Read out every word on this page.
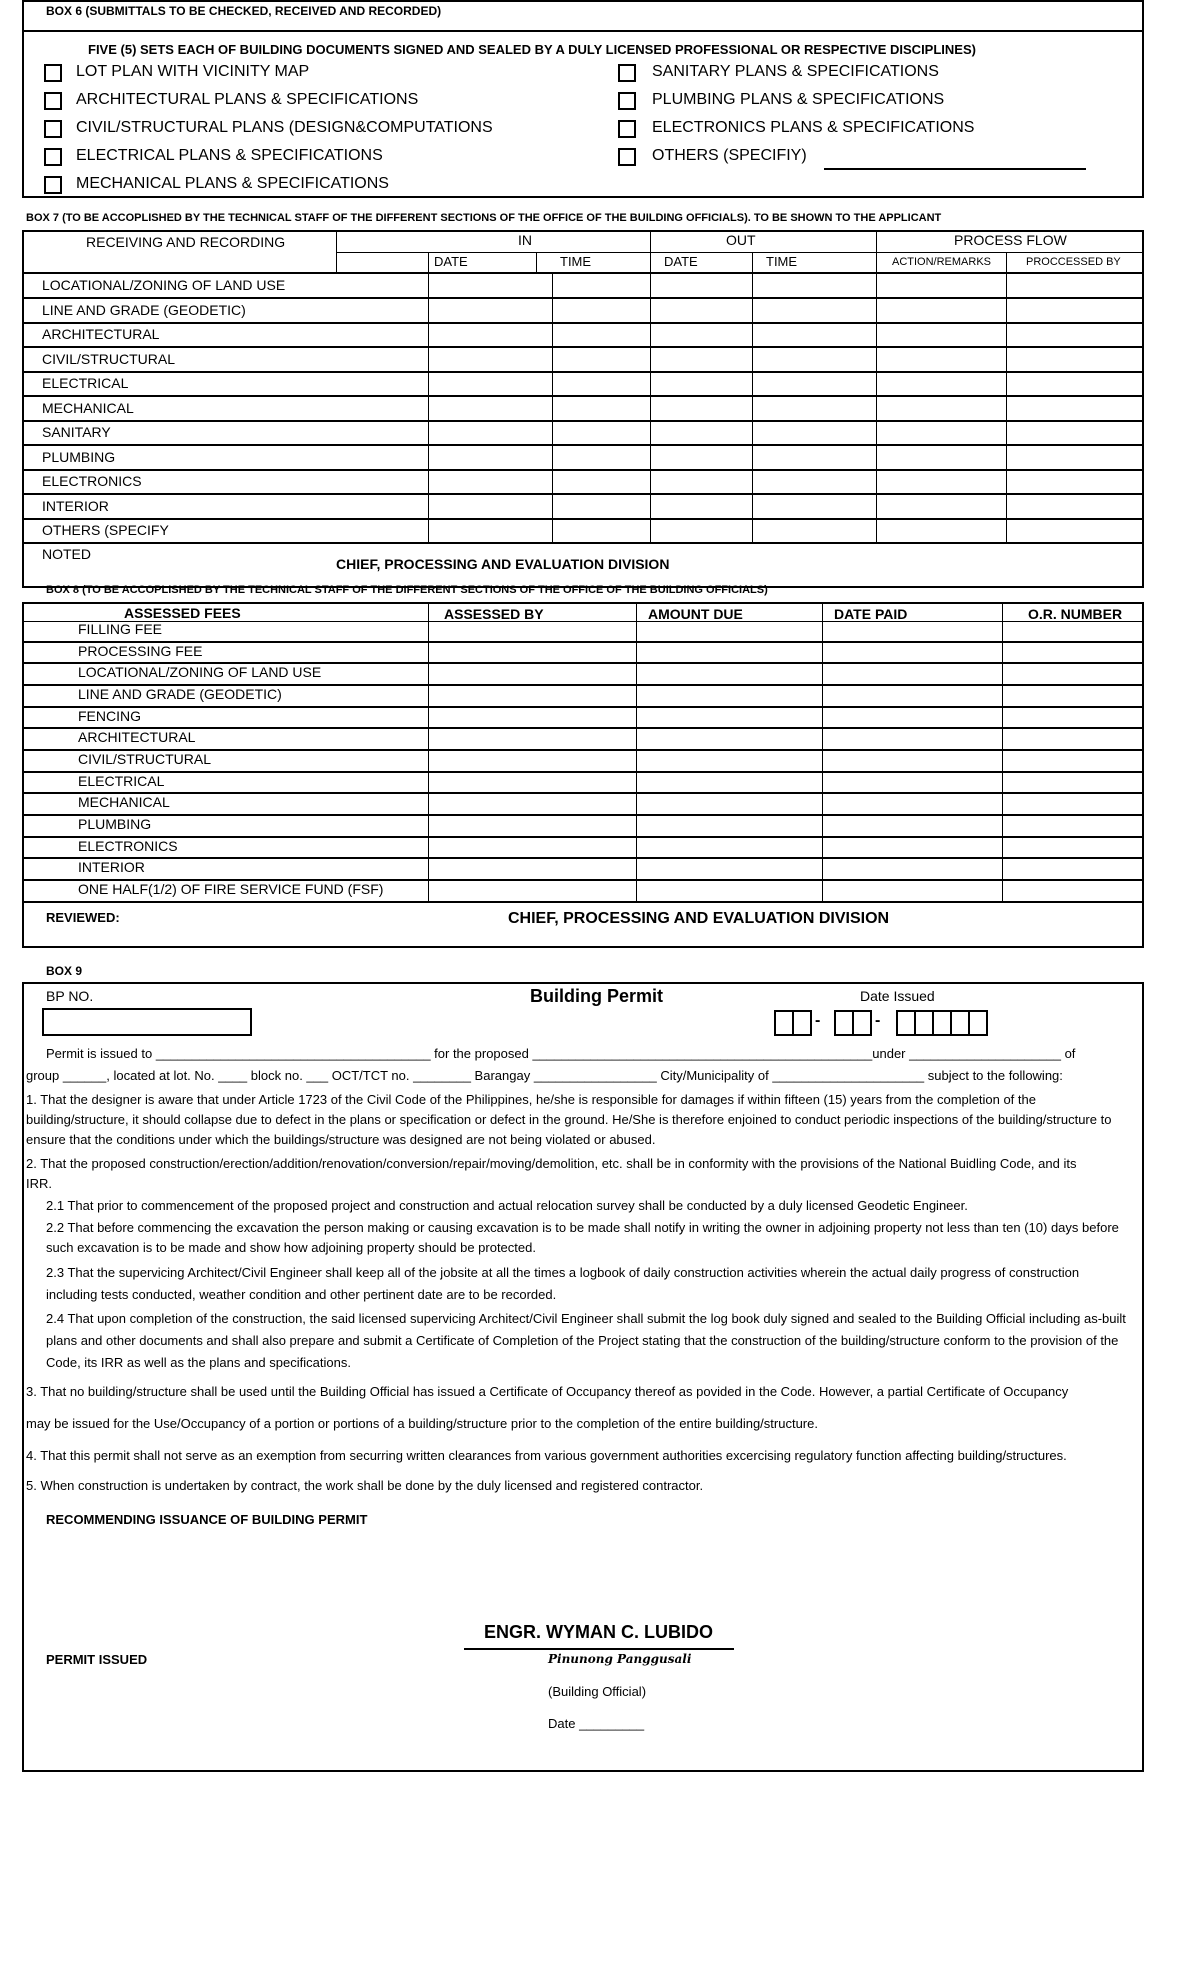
BOX 6 (SUBMITTALS TO BE CHECKED, RECEIVED AND RECORDED)
FIVE (5) SETS EACH OF BUILDING DOCUMENTS SIGNED AND SEALED BY A DULY LICENSED PROFESSIONAL OR RESPECTIVE DISCIPLINES)
LOT PLAN WITH VICINITY MAP
ARCHITECTURAL PLANS & SPECIFICATIONS
CIVIL/STRUCTURAL PLANS (DESIGN&COMPUTATIONS
ELECTRICAL PLANS & SPECIFICATIONS
MECHANICAL PLANS & SPECIFICATIONS
SANITARY PLANS & SPECIFICATIONS
PLUMBING PLANS & SPECIFICATIONS
ELECTRONICS PLANS & SPECIFICATIONS
OTHERS (SPECIFIY)
BOX 7 (TO BE ACCOPLISHED BY THE TECHNICAL STAFF OF THE DIFFERENT SECTIONS OF THE OFFICE OF THE BUILDING OFFICIALS). TO BE SHOWN TO THE APPLICANT
RECEIVING AND RECORDING	IN	OUT	PROCESS FLOW
DATE	TIME	DATE	TIME	ACTION/REMARKS	PROCCESSED BY
LOCATIONAL/ZONING OF LAND USE
LINE AND GRADE (GEODETIC)
ARCHITECTURAL
CIVIL/STRUCTURAL
ELECTRICAL
MECHANICAL
SANITARY
PLUMBING
ELECTRONICS
INTERIOR
OTHERS (SPECIFY
NOTED
CHIEF, PROCESSING AND EVALUATION DIVISION
BOX 8 (TO BE ACCOPLISHED BY THE TECHNICAL STAFF OF THE DIFFERENT SECTIONS OF THE OFFICE OF THE BUILDING OFFICIALS)
ASSESSED FEES	ASSESSED BY	AMOUNT DUE	DATE PAID	O.R. NUMBER
FILLING FEE
PROCESSING FEE
LOCATIONAL/ZONING OF LAND USE
LINE AND GRADE (GEODETIC)
FENCING
ARCHITECTURAL
CIVIL/STRUCTURAL
ELECTRICAL
MECHANICAL
PLUMBING
ELECTRONICS
INTERIOR
ONE HALF(1/2) OF FIRE SERVICE FUND (FSF)
REVIEWED:	CHIEF, PROCESSING AND EVALUATION DIVISION
BOX 9
BP NO.	Building Permit	Date Issued
-	-
Permit is issued to ______________________________________ for the proposed _______________________________________________under _____________________ of
group ______, located at lot. No. ____ block no. ___ OCT/TCT no. ________ Barangay _________________ City/Municipality of _____________________ subject to the following:
1. That the designer is aware that under Article 1723 of the Civil Code of the Philippines, he/she is responsible for damages if within fifteen (15) years from the completion of the building/structure, it should collapse due to defect in the plans or specification or defect in the ground. He/She is therefore enjoined to conduct periodic inspections of the building/structure to ensure that the conditions under which the buildings/structure was designed are not being violated or abused.
2. That the proposed construction/erection/addition/renovation/conversion/repair/moving/demolition, etc. shall be in conformity with the provisions of the National Buidling Code, and its IRR.
2.1 That prior to commencement of the proposed project and construction and actual relocation survey shall be conducted by a duly licensed Geodetic Engineer.
2.2 That before commencing the excavation the person making or causing excavation is to be made shall notify in writing the owner in adjoining property not less than ten (10) days before such excavation is to be made and show how adjoining property should be protected.
2.3 That the supervicing Architect/Civil Engineer shall keep all of the jobsite at all the times a logbook of daily construction activities wherein the actual daily progress of construction including tests conducted, weather condition and other pertinent date are to be recorded.
2.4 That upon completion of the construction, the said licensed supervicing Architect/Civil Engineer shall submit the log book duly signed and sealed to the Building Official including as-built plans and other documents and shall also prepare and submit a Certificate of Completion of the Project stating that the construction of the building/structure conform to the provision of the Code, its IRR as well as the plans and specifications.
3. That no building/structure shall be used until the Building Official has issued a Certificate of Occupancy thereof as povided in the Code. However, a partial Certificate of Occupancy
may be issued for the Use/Occupancy of a portion or portions of a building/structure prior to the completion of the entire building/structure.
4. That this permit shall not serve as an exemption from securring written clearances from various government authorities excercising regulatory function affecting building/structures.
5. When construction is undertaken by contract, the work shall be done by the duly licensed and registered contractor.
RECOMMENDING ISSUANCE OF BUILDING PERMIT
PERMIT ISSUED
ENGR. WYMAN C. LUBIDO
Pinunong Panggusali
(Building Official)
Date _________
